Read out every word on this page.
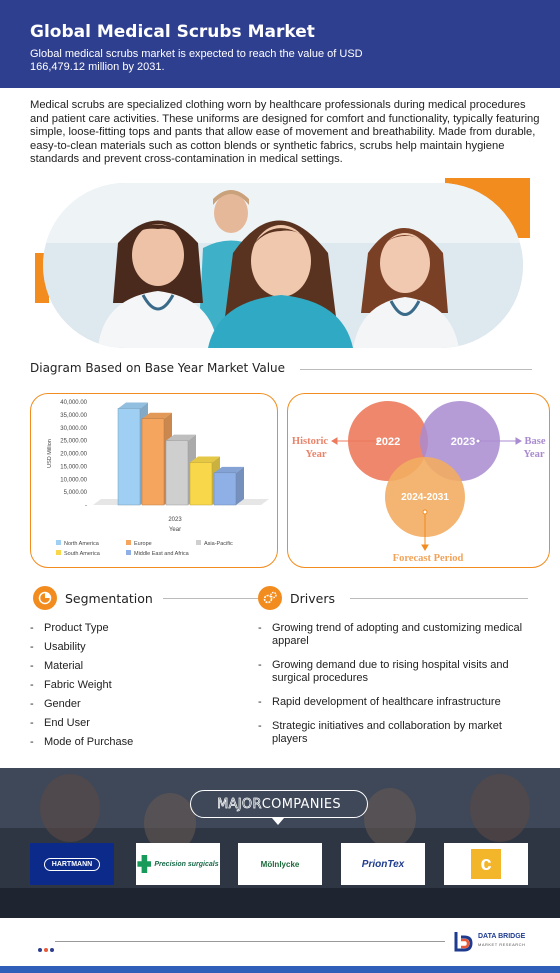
Global Medical Scrubs Market

Global medical scrubs market is expected to reach the value of USD 166,479.12 million by 2031.

Medical scrubs are specialized clothing worn by healthcare professionals during medical procedures and patient care activities. These uniforms are designed for comfort and functionality, typically featuring simple, loose-fitting tops and pants that allow ease of movement and breathability. Made from durable, easy-to-clean materials such as cotton blends or synthetic fabrics, scrubs help maintain hygiene standards and prevent cross-contamination in medical settings.

Diagram Based on Base Year Market Value
40,000.00
35,000.00
30,000.00
25,000.00
20,000.00
15,000.00
10,000.00
5,000.00
-
USD Million
2023
Year
North America	Europe	Asia-Pacific
South America	Middle East and Africa
2022	2023
2024-2031
Historic
Year
Base
Year
Forecast Period
Segmentation	Drivers
- Product Type
- Usability
- Material
- Fabric Weight
- Gender
- End User
- Mode of Purchase
- Growing trend of adopting and customizing medical apparel
- Growing demand due to rising hospital visits and surgical procedures
- Rapid development of healthcare infrastructure
- Strategic initiatives and collaboration by market players
MAJOR COMPANIES
HARTMANN	Precision surgicals	Mölnlycke	PrionTex	c
DATA BRIDGE
MARKET RESEARCH
